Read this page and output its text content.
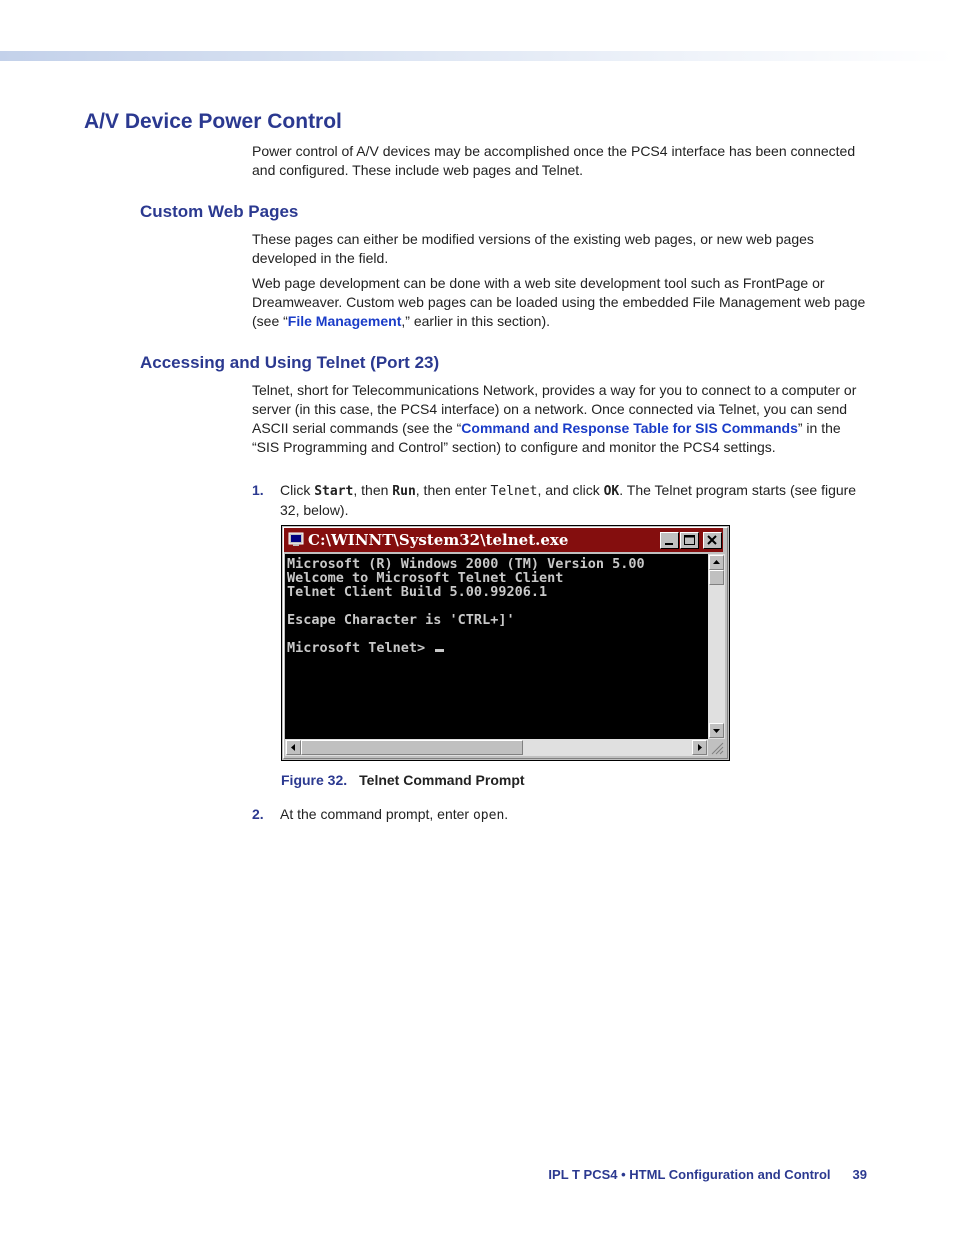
A/V Device Power Control

Power control of A/V devices may be accomplished once the PCS4 interface has been connected and configured. These include web pages and Telnet.

Custom Web Pages

These pages can either be modified versions of the existing web pages, or new web pages developed in the field.

Web page development can be done with a web site development tool such as FrontPage or Dreamweaver. Custom web pages can be loaded using the embedded File Management web page (see “File Management,” earlier in this section).

Accessing and Using Telnet (Port 23)

Telnet, short for Telecommunications Network, provides a way for you to connect to a computer or server (in this case, the PCS4 interface) on a network. Once connected via Telnet, you can send ASCII serial commands (see the “Command and Response Table for SIS Commands” in the “SIS Programming and Control” section) to configure and monitor the PCS4 settings.

1. Click Start, then Run, then enter Telnet, and click OK. The Telnet program starts (see figure 32, below).

C:\WINNT\System32\telnet.exe

Microsoft (R) Windows 2000 (TM) Version 5.00

Welcome to Microsoft Telnet Client

Telnet Client Build 5.00.99206.1

Escape Character is 'CTRL+]'

Microsoft Telnet>

Figure 32. Telnet Command Prompt

2. At the command prompt, enter open.

IPL T PCS4 • HTML Configuration and Control 39
